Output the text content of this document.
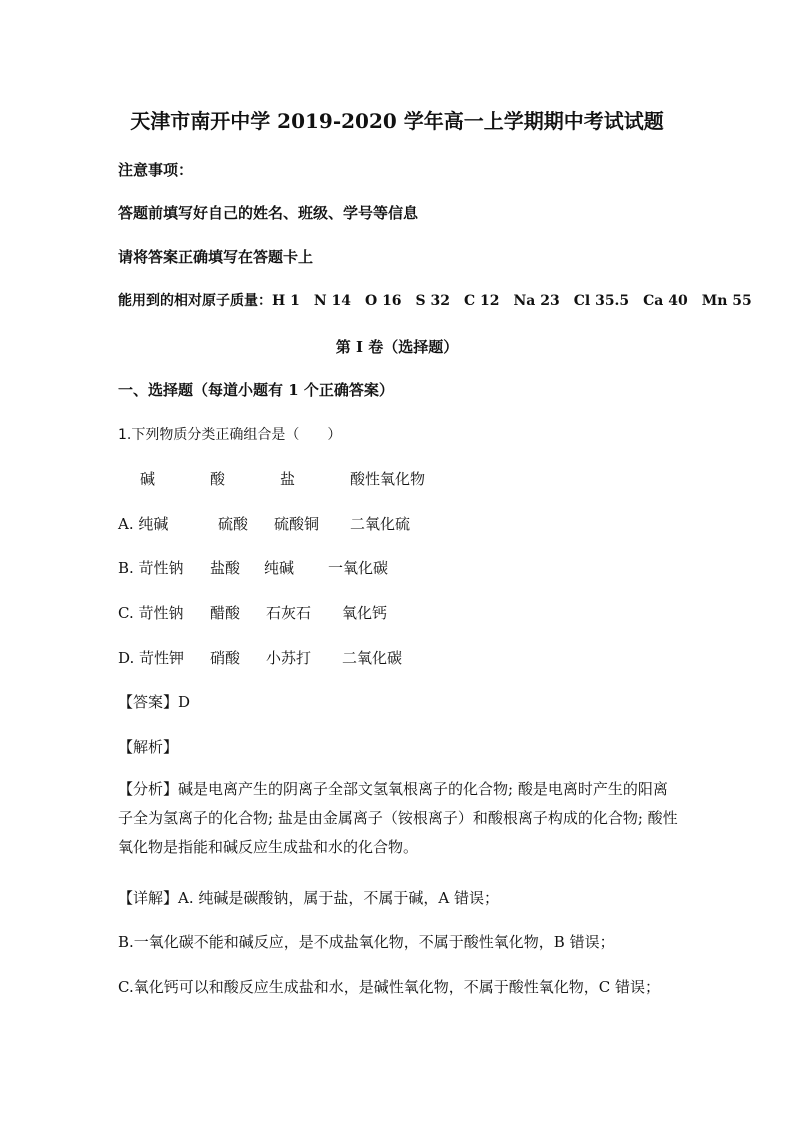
天津市南开中学 2019-2020 学年高一上学期期中考试试题
注意事项：
答题前填写好自己的姓名、班级、学号等信息
请将答案正确填写在答题卡上
能用到的相对原子质量：H 1　N 14　O 16　S 32　C 12　Na 23　Cl 35.5　Ca 40　Mn 55
第 I 卷（选择题）
一、选择题（每道小题有 1 个正确答案）
1.下列物质分类正确组合是（　　）
碱	酸	盐	酸性氧化物
A. 纯碱	硫酸 硫酸铜 二氧化硫
B. 苛性钠 盐酸 纯碱 一氧化碳
C. 苛性钠 醋酸 石灰石 氧化钙
D. 苛性钾 硝酸 小苏打 二氧化碳
【答案】D
【解析】
【分析】碱是电离产生的阴离子全部文氢氧根离子的化合物; 酸是电离时产生的阳离子全为氢离子的化合物; 盐是由金属离子（铵根离子）和酸根离子构成的化合物; 酸性氧化物是指能和碱反应生成盐和水的化合物。
【详解】A. 纯碱是碳酸钠，属于盐，不属于碱，A 错误；
B.一氧化碳不能和碱反应，是不成盐氧化物，不属于酸性氧化物，B 错误；
C.氧化钙可以和酸反应生成盐和水，是碱性氧化物，不属于酸性氧化物，C 错误；
